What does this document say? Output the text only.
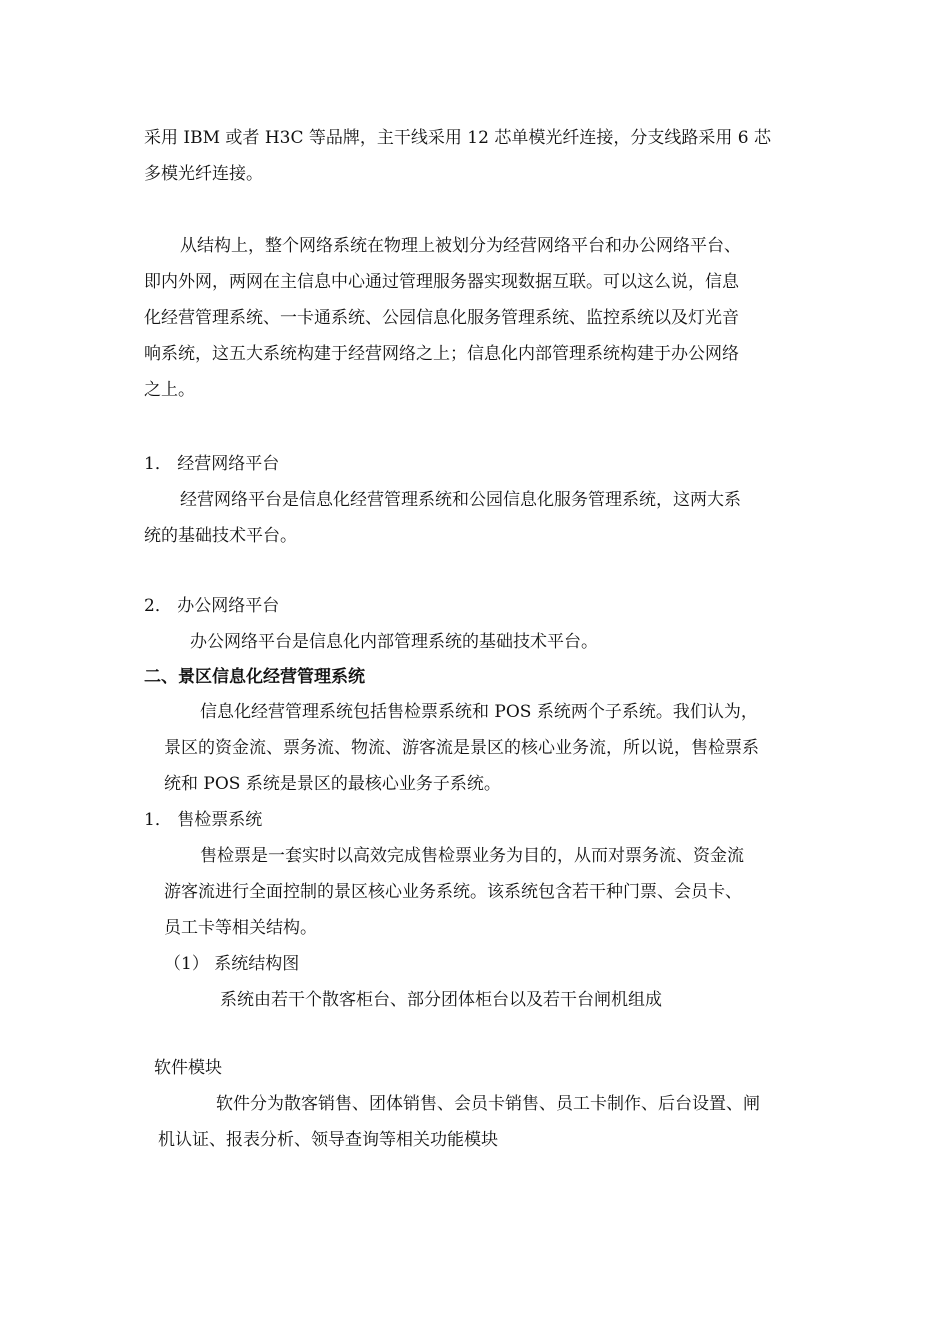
采用 IBM 或者 H3C 等品牌，主干线采用 12 芯单模光纤连接，分支线路采用 6 芯
多模光纤连接。
从结构上，整个网络系统在物理上被划分为经营网络平台和办公网络平台、
即内外网，两网在主信息中心通过管理服务器实现数据互联。可以这么说，信息
化经营管理系统、一卡通系统、公园信息化服务管理系统、监控系统以及灯光音
响系统，这五大系统构建于经营网络之上；信息化内部管理系统构建于办公网络
之上。
1． 经营网络平台
经营网络平台是信息化经营管理系统和公园信息化服务管理系统，这两大系
统的基础技术平台。
2． 办公网络平台
办公网络平台是信息化内部管理系统的基础技术平台。
二、景区信息化经营管理系统
信息化经营管理系统包括售检票系统和 POS 系统两个子系统。我们认为，
景区的资金流、票务流、物流、游客流是景区的核心业务流，所以说，售检票系
统和 POS 系统是景区的最核心业务子系统。
1． 售检票系统
售检票是一套实时以高效完成售检票业务为目的，从而对票务流、资金流
游客流进行全面控制的景区核心业务系统。该系统包含若干种门票、会员卡、
员工卡等相关结构。
（1） 系统结构图
系统由若干个散客柜台、部分团体柜台以及若干台闸机组成
软件模块
软件分为散客销售、团体销售、会员卡销售、员工卡制作、后台设置、闸
机认证、报表分析、领导查询等相关功能模块
